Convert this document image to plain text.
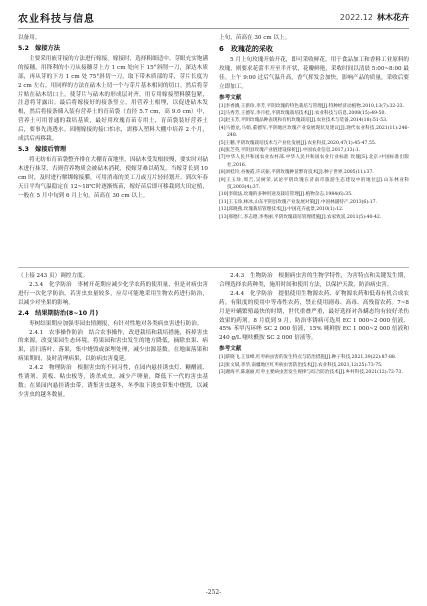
农业科技与信息	2022.12 林木花卉

以备用。

5.2　嫁接方法

主要采用嵌芽接的方法进行嫁接。嫁接时，选择粗细适中、芽眼充实饱满的接穗，用锋利的小刀从接穗芽上方 1 cm 处向下 15°斜削一刀，深达木质部，再从芽的下方 1 cm 处 75°斜切一刀，取下带木质部的芽，芽片长度为 2 cm 左右。用同样的方法在砧木上切一个与芽片基本相同的切口。然后将芽片贴在砧木切口上，使芽片与砧木的形成层对齐，用专用嫁接塑料膜包紧，注意将芽露出。最后将嫁接好的接条竖立，用营养土根埋，以促进砧木发根，然后将接条插入装有营养土的育苗袋（直径 5.7 cm，高 9.0 cm）中，营养土可用普通的栽培基质，最好用玫瑰育苗专用土，育苗袋装好营养土后，要事先浇透水。因刚嫁接的接口怕水，需移入塑料大棚中培养 2 个月，成活后再移栽。

5.3　嫁接后管理

将无纺布育苗袋整齐排在大棚育苗地里，因砧木受发根较慢，要实时对砧木进行抹芽，否则营养物质会被砧木消耗，使嫁芽难以萌发，当嫁芽长到 10 cm 时，及时进行解绑嫁接膜，可用消毒的美工刀或刀片轻轻划开。到次年春天日平均气温稳定在 12~18℃时逐渐炼苗，嫁好苗后即可移栽到大田定植，一般在 5 月中旬到 6 月上旬，苗高在 30 cm 以上。

上旬，苗高在 30 cm 以上。

6　玫瑰花的采收

5 月上旬玫瑰开始开花，即可采收鲜花。用于食品加工和香料工业原料的玫瑰，则要求花蕾半开至半开状，花瓣鲜艳，采收时间以清晨 5:00~8:00 最佳。上午 9:00 过后气温升高，香气挥发会加快，影响产品的质量，采收后要立即加工。

参考文献
[1]李香娥,王新珍,李芳,平阴玫瑰的特色栽培与管理[J].特种经济动植物,2010,13(7):32-33.
[2]马秀芳,王德军,李月桂,平阴玫瑰栽培技术[J].农业科技与信息,2008(15):49-50.
[3]赵玉芳,平阴玫瑰品种表现和有机玫瑰栽培[J].农业技术与装备,2014(18):51-53.
[4]马德龙,马娟,董德军,平阴地区玫瑰产业发展现状及建议[J].现代农业科技,2021(11):246-248.
[5]王鹏,平阴玫瑰栽培技术与产业化发展[J].农业科技,2020,47(1):45-47,55.
[6]张芝英,平阴县玫瑰产业链建设探析[J].中国农业信息,2017,(13):1.
[7]中华人民共和国农业农村部.中华人民共和国农业行业标准 玫瑰[S].北京:中国标准出版社,2016.
[8]刘桂玲,谷俊霞,许庆振,平阴玫瑰种苗繁育技术[J].种子世界,2005(11):37.
[9]王玉珍,周吉,吴树荣,试论平阴玫瑰在济南市旅游生态建设中的地位[J].山东林业科技,2003(4):37.
[10]李瑞法,玫瑰的多种用途及栽培管理[J].植物杂志,1984(6):35.
[11]王玉珍,林冰,山东平阴县玫瑰产业发展对策[J].中国林副特产,2013(6):17.
[12]邱晓燕,玫瑰栽培管理技术[J].中国花卉盆景,2010(1):12.
[13]邢德仁,李志德,李秀丽,平阴玫瑰栽培管理措施[J].农家致富,2011(5):40-42.

（上接 243 页）调控力度。

2.3.4　化学防治　枣树开花期应减少化学农药的使用量，但是对病虫害进行一次化学防治，若害虫虫量较多，应尽可能地采用生物农药进行防治，以减少对坐果的影响。

2.4　结果期防治(8~10 月)

枣树结果期应加强枣园虫情测报，有针对性地对各类病虫害进行防治。

2.4.1　农事操作防治　结合农事操作，改进栽培和栽培措施，拆掉害虫的来源。改变果园生态环境，将果园和害虫发生的地方降低，摘除虫果、病果，清扫落叶、落果，集中烧毁或深埋处理，减少虫源基数。在地面落果和病果期间，及时清理病果，以防病虫害蔓延。

2.4.2　物理防治　根据害虫的不同习性，在园内悬挂诱虫灯、糖醋液、性诱剂、黄板、粘虫板等，诱杀成虫，减少产卵量，降低下一代的害虫基数；在果园内悬挂诱虫带，诱集害虫越冬，冬季取下诱虫带集中烧毁，以减少害虫的越冬数量。

2.4.3　生物防治　根据病虫害的生物学特性，为害特点和关键发生期，合理选择农药种类，施用时间和使用方法，以保护天敌，防治病虫害。

2.4.4　化学防治　提倡使用生物源农药、矿物源农药和低毒有机合成农药。有限度的使用中等毒性农药，禁止使用剧毒、高毒、高残留农药。7~8 月是叶螨繁殖最快的时期，世代重叠严重，最好选择对各螨态均有较好杀伤效果的药剂。8 月底到 9 月，防治枣锈病可选用 EC 1 000~2 000 倍液、45% 苯甲丙环唑 SC 2 000 倍液，15% 咪鲜胺 EC 1 000~2 000 倍液和 240 g/L 噻呋酰胺 SC 2 000 倍液等。

参考文献
[1]蔡晓飞,王显峰,红枣病虫害的发生特点与防治措施[J].种子科技,2021,39(22):87-88.
[2]张文斌,李华,南疆地区红枣病虫害防治技术[J].农业科技,2021,12(25):73-75.
[3]谢海平,陈嘉丽,红枣主要病虫害发生规律与综合防治技术[J].乡村科技,2021(12):72-73.
-252-
